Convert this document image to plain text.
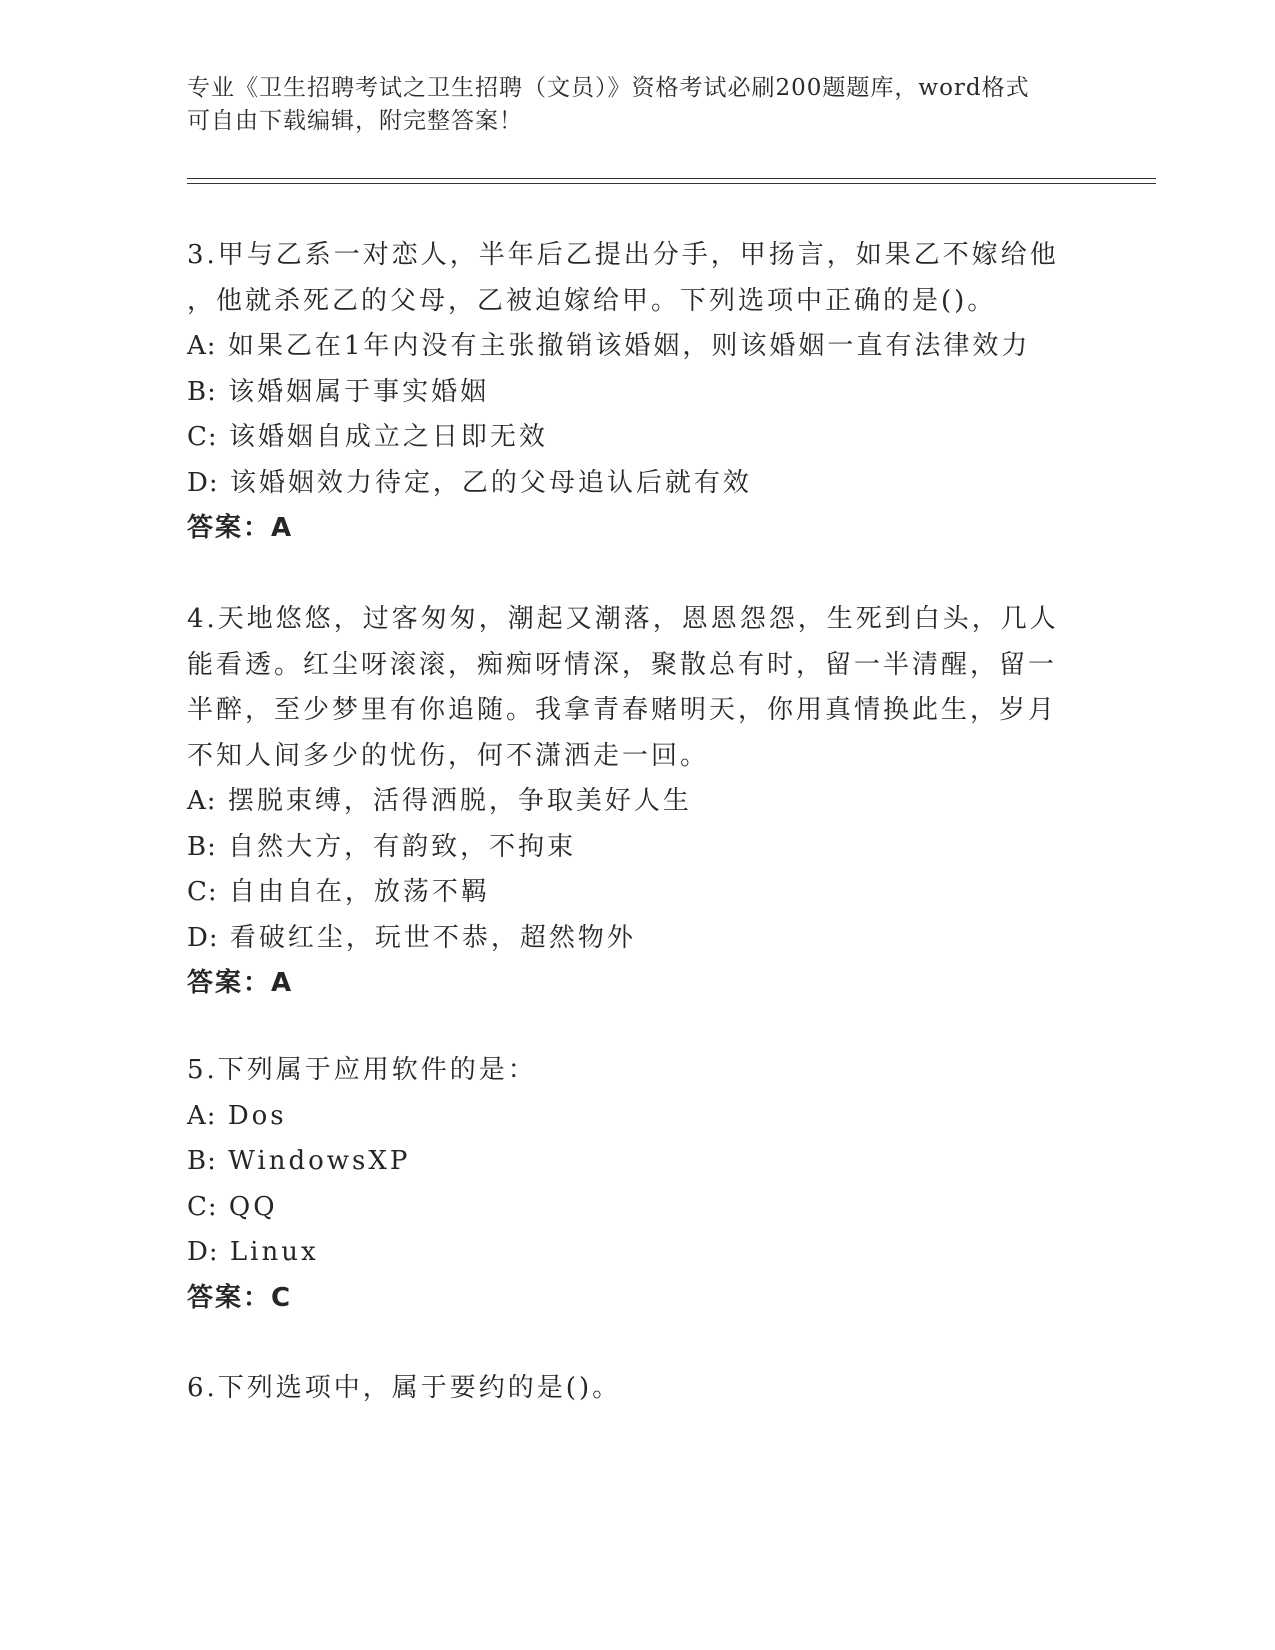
专业《卫生招聘考试之卫生招聘（文员）》资格考试必刷200题题库，word格式
可自由下载编辑，附完整答案！

3.甲与乙系一对恋人，半年后乙提出分手，甲扬言，如果乙不嫁给他

，他就杀死乙的父母，乙被迫嫁给甲。下列选项中正确的是()。

A: 如果乙在1年内没有主张撤销该婚姻，则该婚姻一直有法律效力

B: 该婚姻属于事实婚姻

C: 该婚姻自成立之日即无效

D: 该婚姻效力待定，乙的父母追认后就有效

答案：A

4.天地悠悠，过客匆匆，潮起又潮落，恩恩怨怨，生死到白头，几人

能看透。红尘呀滚滚，痴痴呀情深，聚散总有时，留一半清醒，留一

半醉，至少梦里有你追随。我拿青春赌明天，你用真情换此生，岁月

不知人间多少的忧伤，何不潇洒走一回。

A: 摆脱束缚，活得洒脱，争取美好人生

B: 自然大方，有韵致，不拘束

C: 自由自在，放荡不羁

D: 看破红尘，玩世不恭，超然物外

答案：A

5.下列属于应用软件的是：

A: Dos

B: WindowsXP

C: QQ

D: Linux

答案：C

6.下列选项中，属于要约的是()。
